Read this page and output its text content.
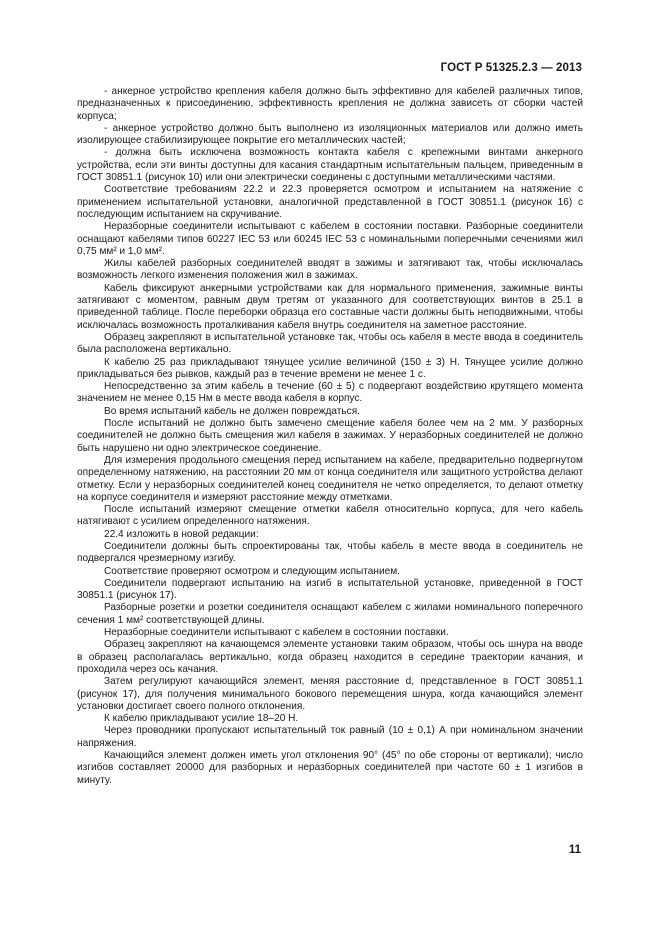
ГОСТ Р 51325.2.3 — 2013

- анкерное устройство крепления кабеля должно быть эффективно для кабелей различных типов, предназначенных к присоединению, эффективность крепления не должна зависеть от сборки частей корпуса;

- анкерное устройство должно быть выполнено из изоляционных материалов или должно иметь изолирующее стабилизирующее покрытие его металлических частей;

- должна быть исключена возможность контакта кабеля с крепежными винтами анкерного устройства, если эти винты доступны для касания стандартным испытательным пальцем, приведенным в ГОСТ 30851.1 (рисунок 10) или они электрически соединены с доступными металлическими частями.

Соответствие требованиям 22.2 и 22.3 проверяется осмотром и испытанием на натяжение с применением испытательной установки, аналогичной представленной в ГОСТ 30851.1 (рисунок 16) с последующим испытанием на скручивание.

Неразборные соединители испытывают с кабелем в состоянии поставки. Разборные соединители оснащают кабелями типов 60227 IEC 53 или 60245 IEC 53 с номинальными поперечными сечениями жил 0,75 мм² и 1,0 мм².

Жилы кабелей разборных соединителей вводят в зажимы и затягивают так, чтобы исключалась возможность легкого изменения положения жил в зажимах.

Кабель фиксируют анкерными устройствами как для нормального применения, зажимные винты затягивают с моментом, равным двум третям от указанного для соответствующих винтов в 25.1 в приведенной таблице. После переборки образца его составные части должны быть неподвижными, чтобы исключалась возможность проталкивания кабеля внутрь соединителя на заметное расстояние.

Образец закрепляют в испытательной установке так, чтобы ось кабеля в месте ввода в соединитель была расположена вертикально.

К кабелю 25 раз прикладывают тянущее усилие величиной (150 ± 3) Н. Тянущее усилие должно прикладываться без рывков, каждый раз в течение времени не менее 1 с.

Непосредственно за этим кабель в течение (60 ± 5) с подвергают воздействию крутящего момента значением не менее 0,15 Нм в месте ввода кабеля в корпус.

Во время испытаний кабель не должен повреждаться.

После испытаний не должно быть замечено смещение кабеля более чем на 2 мм. У разборных соединителей не должно быть смещения жил кабеля в зажимах. У неразборных соединителей не должно быть нарушено ни одно электрическое соединение.

Для измерения продольного смещения перед испытанием на кабеле, предварительно подвергнутом определенному натяжению, на расстоянии 20 мм от конца соединителя или защитного устройства делают отметку. Если у неразборных соединителей конец соединителя не четко определяется, то делают отметку на корпусе соединителя и измеряют расстояние между отметками.

После испытаний измеряют смещение отметки кабеля относительно корпуса, для чего кабель натягивают с усилием определенного натяжения.

22.4 изложить в новой редакции:

Соединители должны быть спроектированы так, чтобы кабель в месте ввода в соединитель не подвергался чрезмерному изгибу.

Соответствие проверяют осмотром и следующим испытанием.

Соединители подвергают испытанию на изгиб в испытательной установке, приведенной в ГОСТ 30851.1 (рисунок 17).

Разборные розетки и розетки соединителя оснащают кабелем с жилами номинального поперечного сечения 1 мм² соответствующей длины.

Неразборные соединители испытывают с кабелем в состоянии поставки.

Образец закрепляют на качающемся элементе установки таким образом, чтобы ось шнура на вводе в образец располагалась вертикально, когда образец находится в середине траектории качания, и проходила через ось качания.

Затем регулируют качающийся элемент, меняя расстояние d, представленное в ГОСТ 30851.1 (рисунок 17), для получения минимального бокового перемещения шнура, когда качающийся элемент установки достигает своего полного отклонения.

К кабелю прикладывают усилие 18–20 Н.

Через проводники пропускают испытательный ток равный (10 ± 0,1) А при номинальном значении напряжения.

Качающийся элемент должен иметь угол отклонения 90° (45° по обе стороны от вертикали); число изгибов составляет 20000 для разборных и неразборных соединителей при частоте 60 ± 1 изгибов в минуту.

11
